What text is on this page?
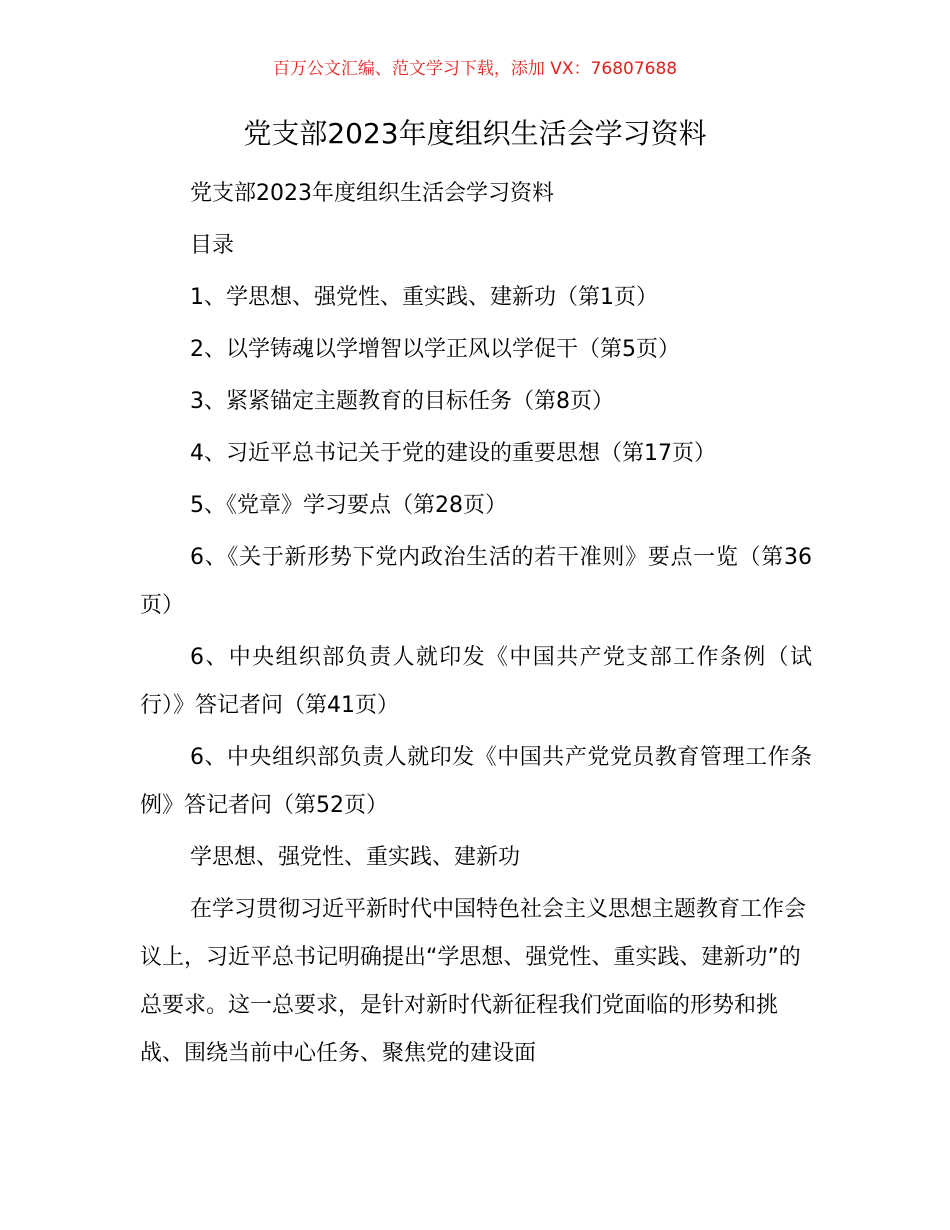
百万公文汇编、范文学习下载，添加 VX：76807688
党支部2023年度组织生活会学习资料

党支部2023年度组织生活会学习资料

目录

1、学思想、强党性、重实践、建新功（第1页）

2、以学铸魂以学增智以学正风以学促干（第5页）

3、紧紧锚定主题教育的目标任务（第8页）

4、习近平总书记关于党的建设的重要思想（第17页）

5、《党章》学习要点（第28页）

6、《关于新形势下党内政治生活的若干准则》要点一览（第36页）

6、中央组织部负责人就印发《中国共产党支部工作条例（试行）》答记者问（第41页）

6、中央组织部负责人就印发《中国共产党党员教育管理工作条例》答记者问（第52页）

学思想、强党性、重实践、建新功

在学习贯彻习近平新时代中国特色社会主义思想主题教育工作会议上，习近平总书记明确提出“学思想、强党性、重实践、建新功”的总要求。这一总要求，是针对新时代新征程我们党面临的形势和挑战、围绕当前中心任务、聚焦党的建设面
